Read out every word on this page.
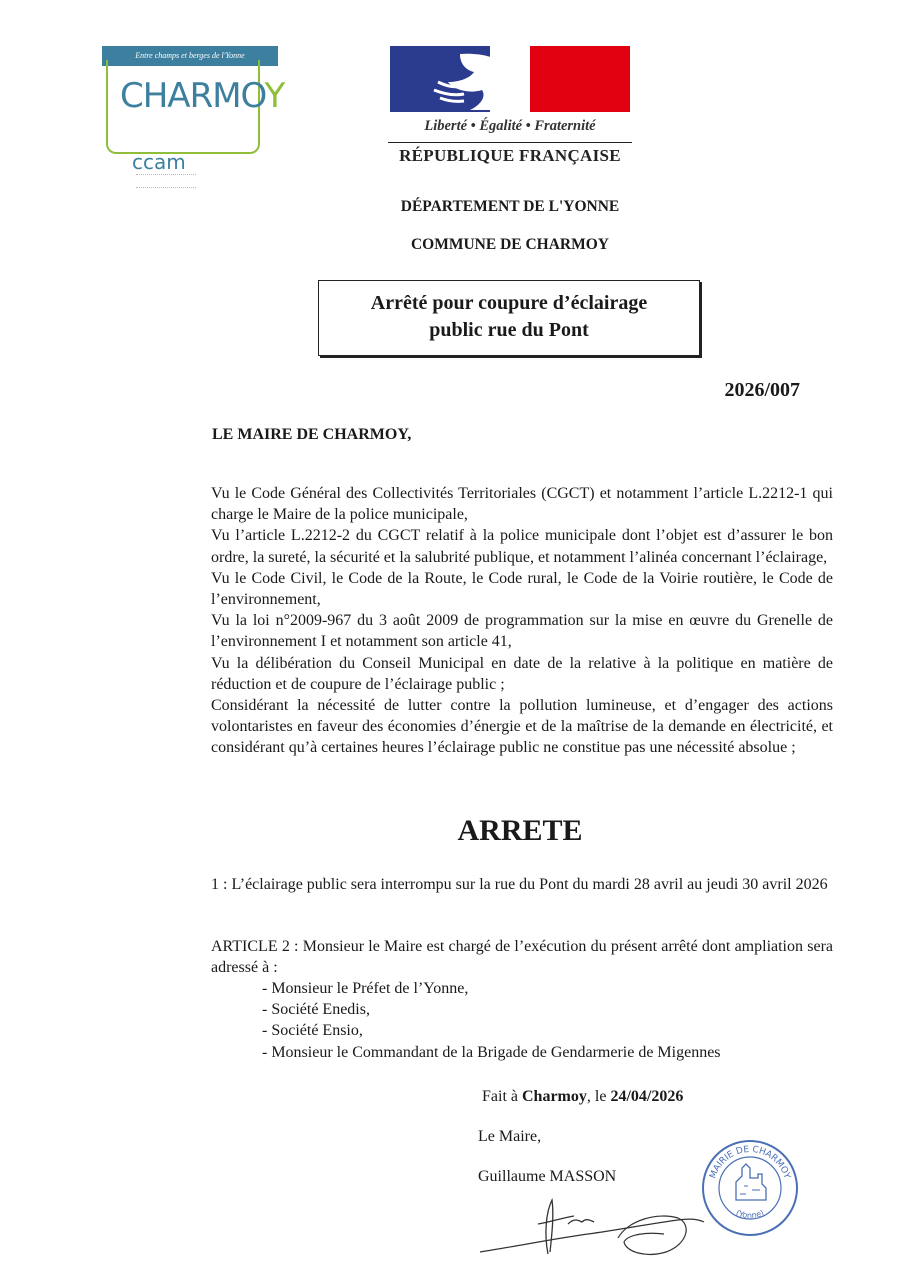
Entre champs et berges de l'Yonne
CHARMOY
ccam
Liberté • Égalité • Fraternité
RÉPUBLIQUE FRANÇAISE
DÉPARTEMENT DE L'YONNE
COMMUNE DE CHARMOY
Arrêté pour coupure d’éclairage
public rue du Pont
2026/007
LE MAIRE DE CHARMOY,

Vu le Code Général des Collectivités Territoriales (CGCT) et notamment l’article L.2212-1 qui charge le Maire de la police municipale,

Vu l’article L.2212-2 du CGCT relatif à la police municipale dont l’objet est d’assurer le bon ordre, la sureté, la sécurité et la salubrité publique, et notamment l’alinéa concernant l’éclairage,

Vu le Code Civil, le Code de la Route, le Code rural, le Code de la Voirie routière, le Code de l’environnement,

Vu la loi n°2009-967 du 3 août 2009 de programmation sur la mise en œuvre du Grenelle de l’environnement I et notamment son article 41,

Vu la délibération du Conseil Municipal en date de la relative à la politique en matière de réduction et de coupure de l’éclairage public ;

Considérant la nécessité de lutter contre la pollution lumineuse, et d’engager des actions volontaristes en faveur des économies d’énergie et de la maîtrise de la demande en électricité, et considérant qu’à certaines heures l’éclairage public ne constitue pas une nécessité absolue ;

ARRETE
1 : L’éclairage public sera interrompu sur la rue du Pont du mardi 28 avril au jeudi 30 avril 2026
ARTICLE 2 : Monsieur le Maire est chargé de l’exécution du présent arrêté dont ampliation sera adressé à :
- Monsieur le Préfet de l’Yonne,
- Société Enedis,
- Société Ensio,
- Monsieur le Commandant de la Brigade de Gendarmerie de Migennes
Fait à Charmoy, le 24/04/2026
Le Maire,
Guillaume MASSON	MAIRIE DE CHARMOY
(Yonne)
